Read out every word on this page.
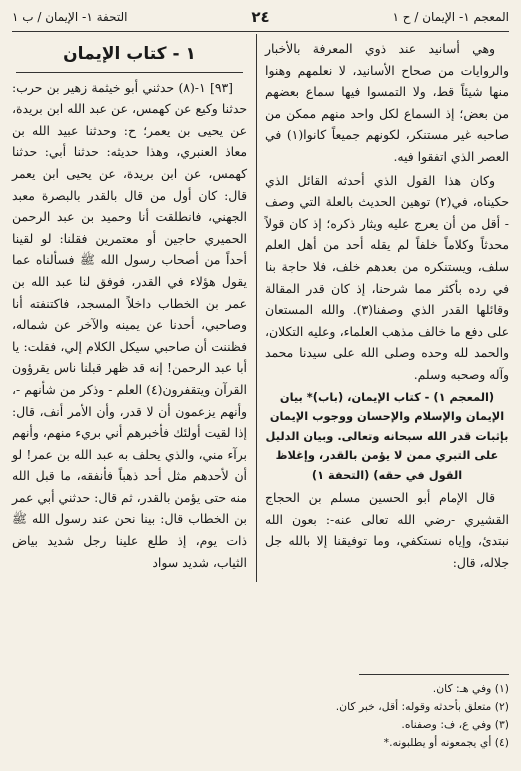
المعجم ١- الإيمان / ح ١
٢٤
التحفة ١- الإيمان / ب ١

وهي أسانيد عند ذوي المعرفة بالأخبار والروايات من صحاح الأسانيد، لا نعلمهم وهنوا منها شيئاً قط، ولا التمسوا فيها سماع بعضهم من بعض؛ إذ السماع لكل واحد منهم ممكن من صاحبه غير مستنكر، لكونهم جميعاً كانوا(١) في العصر الذي اتفقوا فيه.

وكان هذا القول الذي أحدثه القائل الذي حكيناه، في(٢) توهين الحديث بالعلة التي وصف - أقل من أن يعرج عليه ويثار ذكره؛ إذ كان قولاً محدثاً وكلاماً خلفاً لم يقله أحد من أهل العلم سلف، ويستنكره من بعدهم خلف، فلا حاجة بنا في رده بأكثر مما شرحنا، إذ كان قدر المقالة وقائلها القدر الذي وصفنا(٣). والله المستعان على دفع ما خالف مذهب العلماء، وعليه التكلان، والحمد لله وحده وصلى الله على سيدنا محمد وآله وصحبه وسلم.

(المعجم ١) - كتاب الإيمان، (باب)* بيان الإيمان والإسلام والإحسان ووجوب الإيمان بإثبات قدر الله سبحانه وتعالى. وبيان الدليل على التبري ممن لا يؤمن بالقدر، وإغلاظ القول في حقه) (التحفة ١)

قال الإمام أبو الحسين مسلم بن الحجاج القشيري -رضي الله تعالى عنه-: بعون الله نبتدئ، وإياه نستكفي، وما توفيقنا إلا بالله جل جلاله، قال:

١ - كتاب الإيمان

[٩٣] ١-(٨) حدثني أبو خيثمة زهير بن حرب: حدثنا وكيع عن كهمس، عن عبد الله ابن بريدة، عن يحيى بن يعمر؛ ح: وحدثنا عبيد الله بن معاذ العنبري، وهذا حديثه: حدثنا أبي: حدثنا كهمس، عن ابن بريدة، عن يحيى ابن يعمر قال: كان أول من قال بالقدر بالبصرة معبد الجهني، فانطلقت أنا وحميد بن عبد الرحمن الحميري حاجين أو معتمرين فقلنا: لو لقينا أحداً من أصحاب رسول الله ﷺ فسألناه عما يقول هؤلاء في القدر، فوفق لنا عبد الله بن عمر بن الخطاب داخلاً المسجد، فاكتنفته أنا وصاحبي، أحدنا عن يمينه والآخر عن شماله، فظننت أن صاحبي سيكل الكلام إلي، فقلت: يا أبا عبد الرحمن! إنه قد ظهر قبلنا ناس يقرؤون القرآن ويتقفرون(٤) العلم - وذكر من شأنهم -، وأنهم يزعمون أن لا قدر، وأن الأمر أنف، قال: إذا لقيت أولئك فأخبرهم أني بريء منهم، وأنهم برآء مني، والذي يحلف به عبد الله بن عمر! لو أن لأحدهم مثل أحد ذهباً فأنفقه، ما قبل الله منه حتى يؤمن بالقدر، ثم قال: حدثني أبي عمر بن الخطاب قال: بينا نحن عند رسول الله ﷺ ذات يوم، إذ طلع علينا رجل شديد بياض الثياب، شديد سواد

(١) وفي هـ: كان.
(٢) متعلق بأحدثه وقوله: أقل، خبر كان.
(٣) وفي ع، ف: وصفناه.
(٤) أي يجمعونه أو يطلبونه.*
